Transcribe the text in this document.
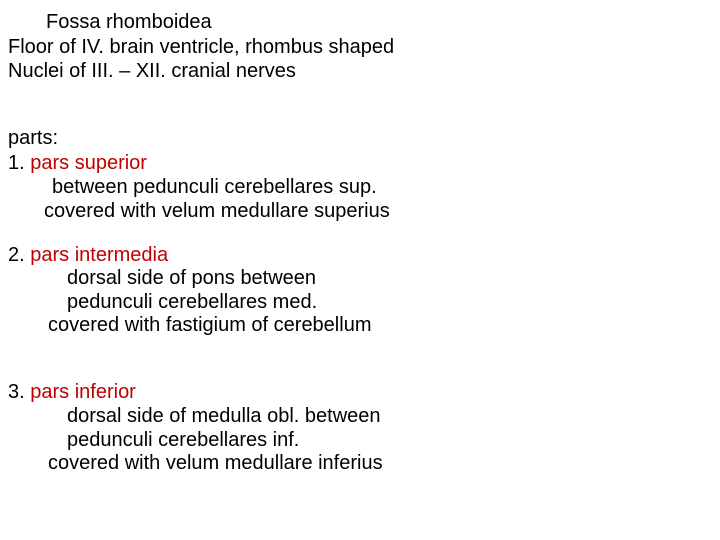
Fossa rhomboidea
Floor of IV. brain ventricle, rhombus shaped
Nuclei of III. – XII. cranial nerves
parts:
1. pars superior
between pedunculi cerebellares sup.
covered with velum medullare superius
2. pars intermedia
dorsal side of pons between
pedunculi cerebellares med.
covered with fastigium of cerebellum
3. pars inferior
dorsal side of medulla obl. between
pedunculi cerebellares inf.
covered with velum medullare inferius
